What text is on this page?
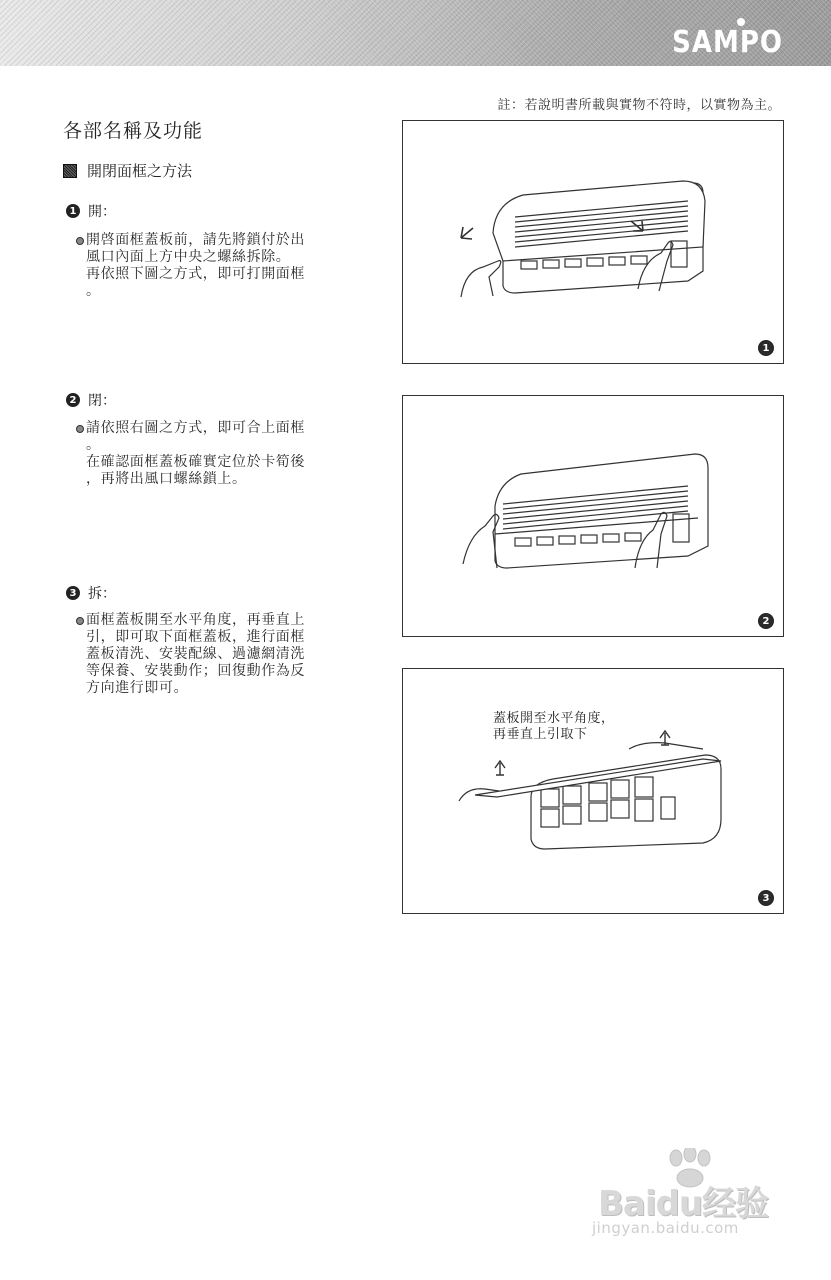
SAMPO
註：若說明書所載與實物不符時，以實物為主。
各部名稱及功能
開閉面框之方法
1 開：

開啓面框蓋板前，請先將鎖付於出

風口內面上方中央之螺絲拆除。

再依照下圖之方式，即可打開面框

。

2 閉：

請依照右圖之方式，即可合上面框

。

在確認面框蓋板確實定位於卡筍後

，再將出風口螺絲鎖上。

3 拆：

面框蓋板開至水平角度，再垂直上

引，即可取下面框蓋板，進行面框

蓋板清洗、安裝配線、過濾網清洗

等保養、安裝動作；回復動作為反

方向進行即可。

1
2
蓋板開至水平角度，
再垂直上引取下
3
Baidu经验
jingyan.baidu.com
